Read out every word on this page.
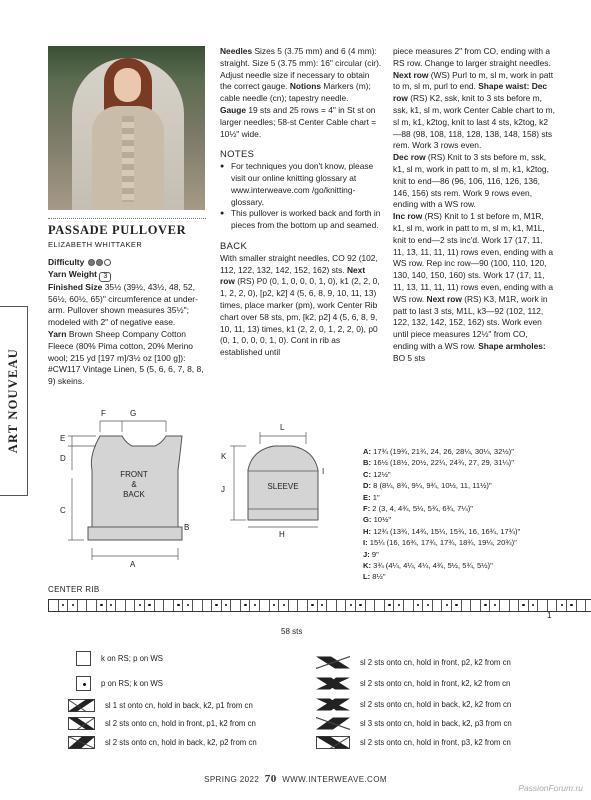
ART NOUVEAU
PASSADE PULLOVER
ELIZABETH WHITTAKER
Difficulty
Yarn Weight 3
Finished Size 35½ (39½, 43½, 48, 52, 56½, 60½, 65)" circumference at under-arm. Pullover shown measures 35½"; modeled with 2" of negative ease.
Yarn Brown Sheep Company Cotton Fleece (80% Pima cotton, 20% Merino wool; 215 yd [197 m]/3½ oz [100 g]): #CW117 Vintage Linen, 5 (5, 6, 6, 7, 8, 8, 9) skeins.

Needles Sizes 5 (3.75 mm) and 6 (4 mm): straight. Size 5 (3.75 mm): 16" circular (cir). Adjust needle size if necessary to obtain the correct gauge. Notions Markers (m); cable needle (cn); tapestry needle.

Gauge 19 sts and 25 rows = 4" in St st on larger needles; 58-st Center Cable chart = 10½" wide.

NOTES
● For techniques you don't know, please visit our online knitting glossary at www.interweave.com /go/knitting-glossary.
● This pullover is worked back and forth in pieces from the bottom up and seamed.
BACK

With smaller straight needles, CO 92 (102, 112, 122, 132, 142, 152, 162) sts. Next row (RS) P0 (0, 1, 0, 0, 0, 1, 0), k1 (2, 2, 0, 1, 2, 2, 0), [p2, k2] 4 (5, 6, 8, 9, 10, 11, 13) times, place marker (pm), work Center Rib chart over 58 sts, pm, [k2, p2] 4 (5, 6, 8, 9, 10, 11, 13) times, k1 (2, 2, 0, 1, 2, 2, 0), p0 (0, 1, 0, 0, 0, 1, 0). Cont in rib as established until

piece measures 2" from CO, ending with a RS row. Change to larger straight needles. Next row (WS) Purl to m, sl m, work in patt to m, sl m, purl to end. Shape waist: Dec row (RS) K2, ssk, knit to 3 sts before m, ssk, k1, sl m, work Center Cable chart to m, sl m, k1, k2tog, knit to last 4 sts, k2tog, k2—88 (98, 108, 118, 128, 138, 148, 158) sts rem. Work 3 rows even.

Dec row (RS) Knit to 3 sts before m, ssk, k1, sl m, work in patt to m, sl m, k1, k2tog, knit to end—86 (96, 106, 116, 126, 136, 146, 156) sts rem. Work 9 rows even, ending with a WS row.

Inc row (RS) Knit to 1 st before m, M1R, k1, sl m, work in patt to m, sl m, k1, M1L, knit to end—2 sts inc'd. Work 17 (17, 11, 11, 13, 11, 11, 11) rows even, ending with a WS row. Rep inc row—90 (100, 110, 120, 130, 140, 150, 160) sts. Work 17 (17, 11, 11, 13, 11, 11, 11) rows even, ending with a WS row. Next row (RS) K3, M1R, work in patt to last 3 sts, M1L, k3—92 (102, 112, 122, 132, 142, 152, 162) sts. Work even until piece measures 12½" from CO, ending with a WS row. Shape armholes: BO 5 sts

FRONT & BACK
F	G
E
D
C
B
A
SLEEVE
L
K
I
J
H
A: 17¾ (19¾, 21¾, 24, 26, 28¼, 30¼, 32½)"
B: 16½ (18½, 20½, 22¼, 24¾, 27, 29, 31¼)"
C: 12½"
D: 8 (8¼, 8¾, 9¼, 9¾, 10½, 11, 11½)"
E: 1"
F: 2 (3, 4, 4¾, 5¼, 5¾, 6¾, 7¼)"
G: 10½"
H: 12¾ (13¾, 14¾, 15¼, 15¾, 16, 16¾, 17¾)"
I: 15¼ (16, 16¾, 17¾, 17¾, 18¾, 19¼, 20¾)"
J: 9"
K: 3¾ (4¼, 4¼, 4¼, 4¾, 5½, 5¾, 5½)"
L: 8½"
CENTER RIB
1
58 sts
k on RS; p on WS
p on RS; k on WS
sl 1 st onto cn, hold in back, k2, p1 from cn
sl 2 sts onto cn, hold in front, p1, k2 from cn
sl 2 sts onto cn, hold in back, k2, p2 from cn
sl 2 sts onto cn, hold in front, p2, k2 from cn
sl 2 sts onto cn, hold in front, k2, k2 from cn
sl 2 sts onto cn, hold in back, k2, k2 from cn
sl 3 sts onto cn, hold in back, k2, p3 from cn
sl 2 sts onto cn, hold in front, p3, k2 from cn
SPRING 2022 70 WWW.INTERWEAVE.COM
PassionForum.ru
